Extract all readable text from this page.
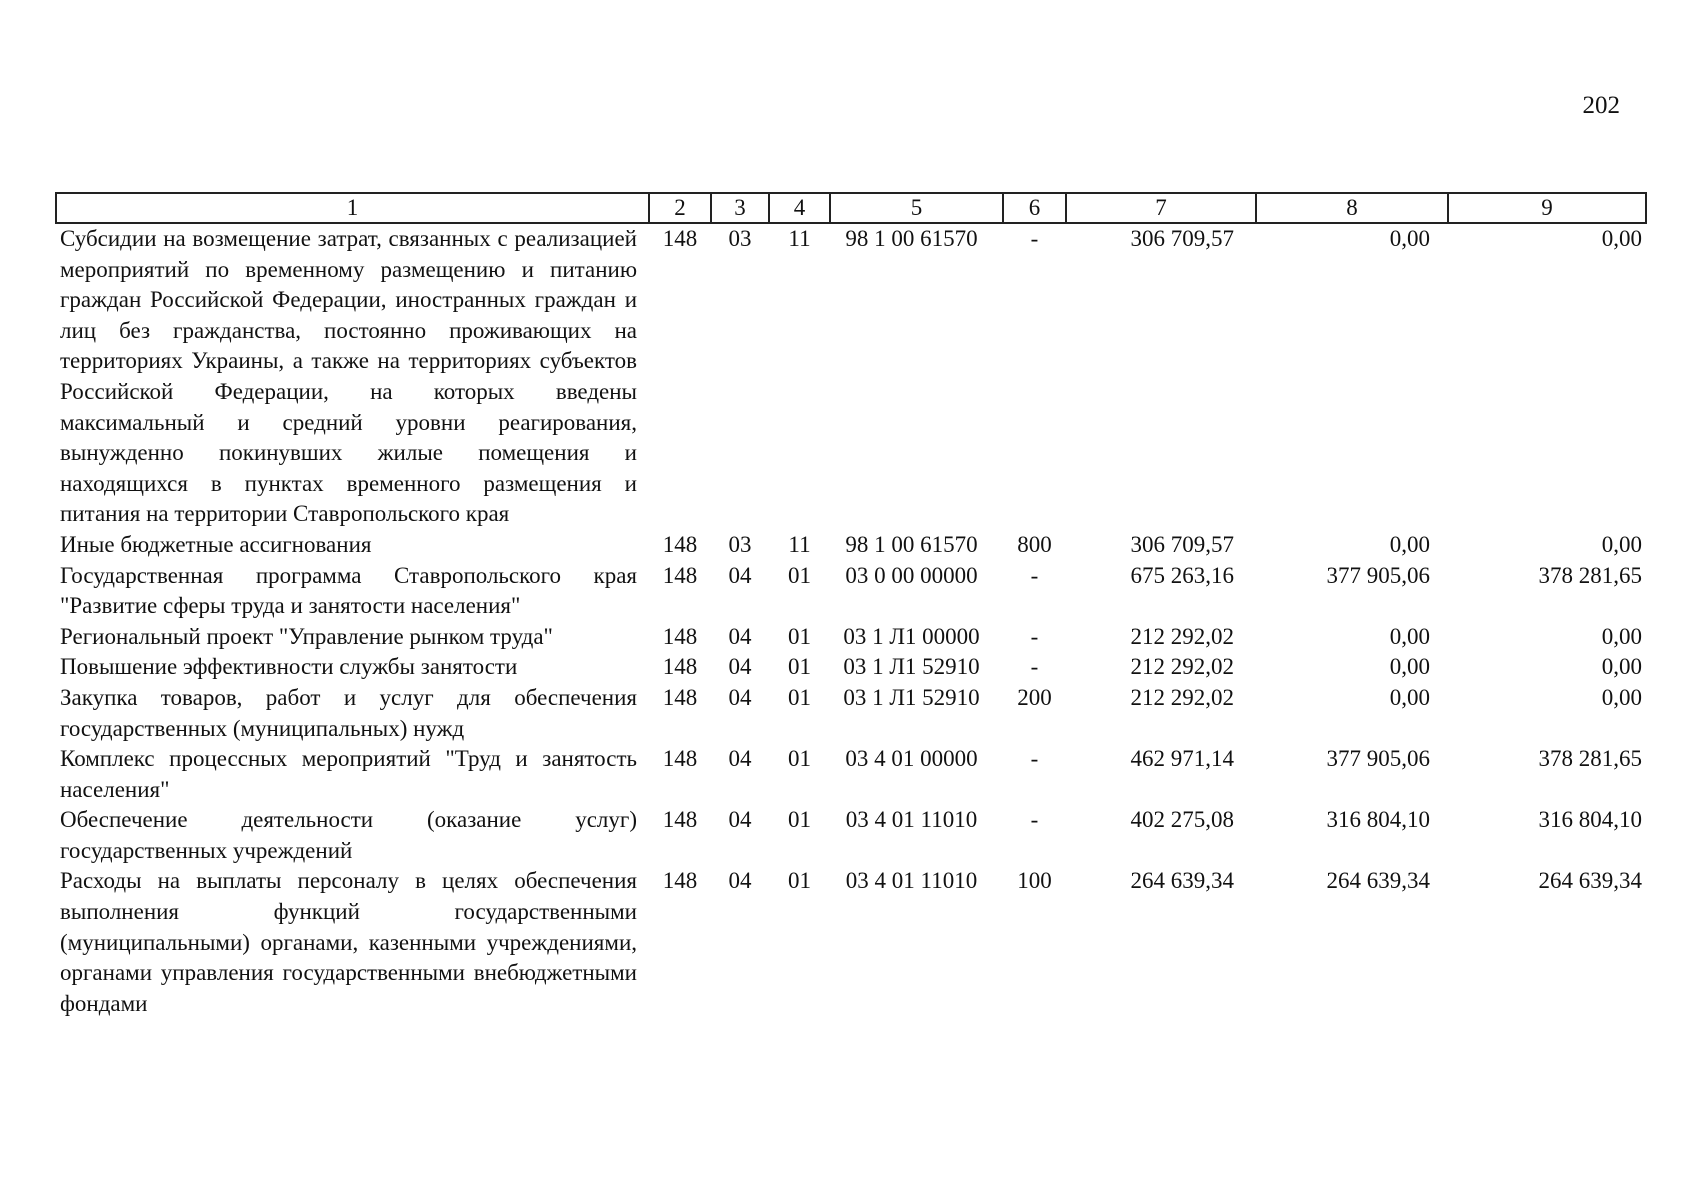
202
1	2	3	4	5	6	7	8	9
Субсидии на возмещение затрат, связанных с реализацией мероприятий по временному размещению и питанию граждан Российской Федерации, иностранных граждан и лиц без гражданства, постоянно проживающих на территориях Украины, а также на территориях субъектов Российской Федерации, на которых введены максимальный и средний уровни реагирования, вынужденно покинувших жилые помещения и находящихся в пунктах временного размещения и питания на территории Ставропольского края	148	03	11	98 1 00 61570	-	306 709,57	0,00	0,00
Иные бюджетные ассигнования	148	03	11	98 1 00 61570	800	306 709,57	0,00	0,00
Государственная программа Ставропольского края "Развитие сферы труда и занятости населения"	148	04	01	03 0 00 00000	-	675 263,16	377 905,06	378 281,65
Региональный проект "Управление рынком труда"	148	04	01	03 1 Л1 00000	-	212 292,02	0,00	0,00
Повышение эффективности службы занятости	148	04	01	03 1 Л1 52910	-	212 292,02	0,00	0,00
Закупка товаров, работ и услуг для обеспечения государственных (муниципальных) нужд	148	04	01	03 1 Л1 52910	200	212 292,02	0,00	0,00
Комплекс процессных мероприятий "Труд и занятость населения"	148	04	01	03 4 01 00000	-	462 971,14	377 905,06	378 281,65
Обеспечение деятельности (оказание услуг) государственных учреждений	148	04	01	03 4 01 11010	-	402 275,08	316 804,10	316 804,10
Расходы на выплаты персоналу в целях обеспечения выполнения функций государственными (муниципальными) органами, казенными учреждениями, органами управления государственными внебюджетными фондами	148	04	01	03 4 01 11010	100	264 639,34	264 639,34	264 639,34
